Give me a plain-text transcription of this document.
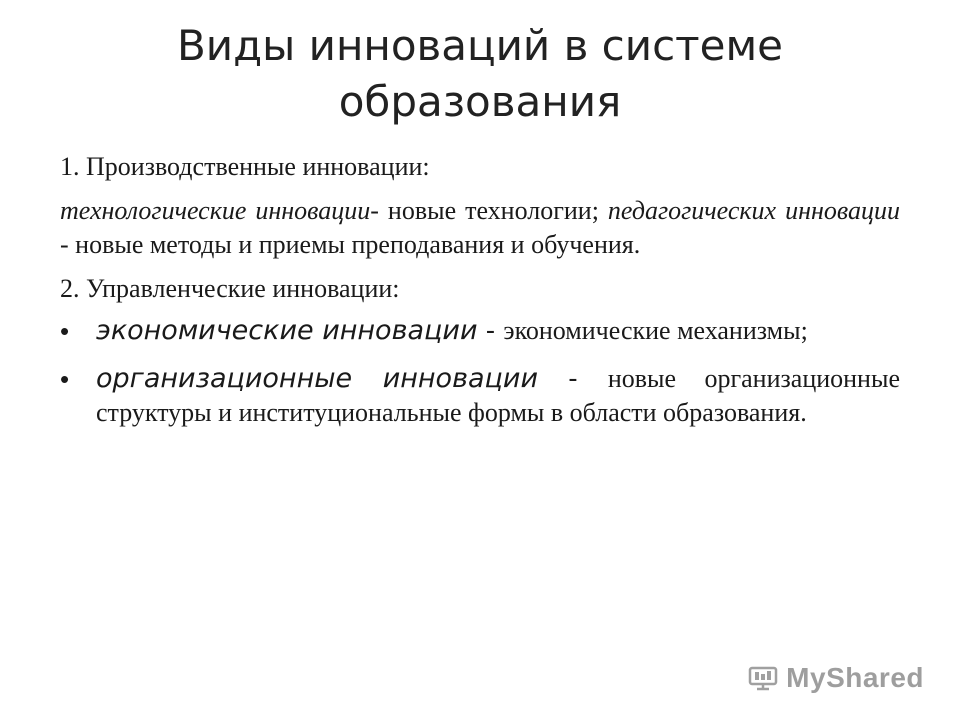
Виды инноваций в системе образования

1. Производственные инновации:

технологические инновации- новые технологии; педагогических инновации - новые методы и приемы преподавания и обучения.

2. Управленческие инновации:

• экономические инновации - экономические механизмы;
• организационные инновации - новые организационные структуры и институциональные формы в области образования.
MyShared
